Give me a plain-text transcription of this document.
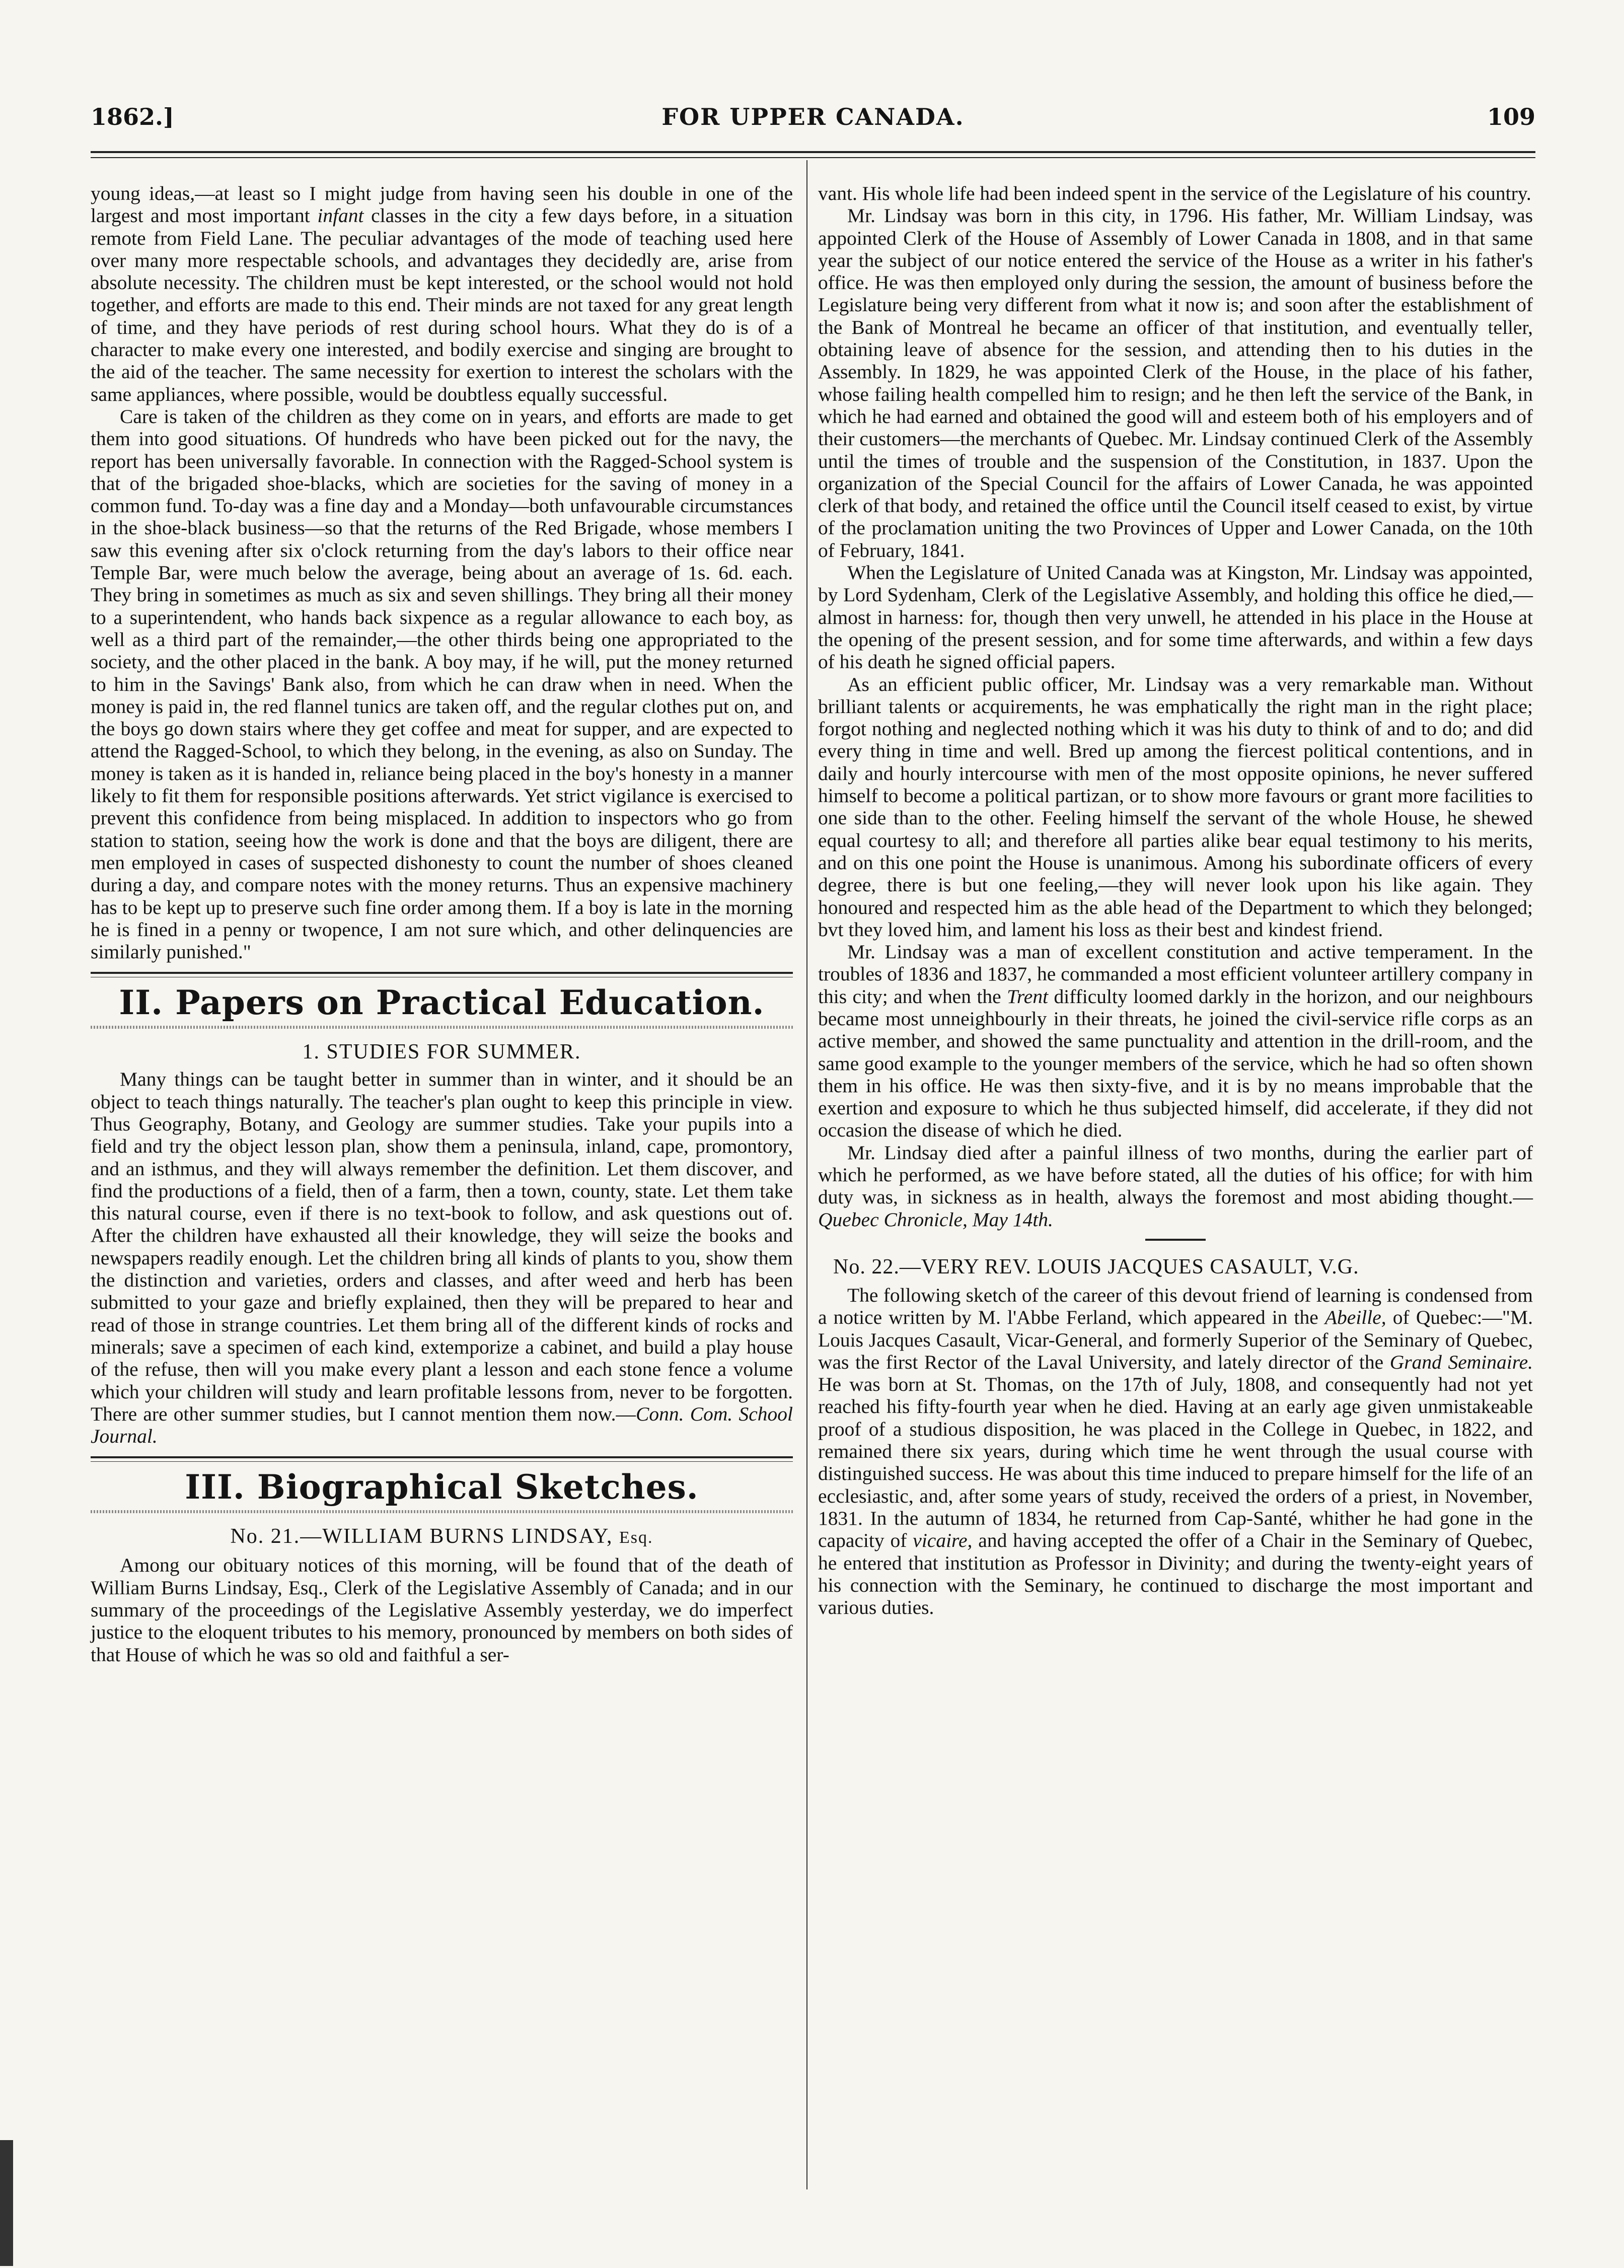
1862.]	FOR UPPER CANADA.	109

young ideas,—at least so I might judge from having seen his double in one of the largest and most important infant classes in the city a few days before, in a situation remote from Field Lane. The peculiar advantages of the mode of teaching used here over many more respectable schools, and advantages they decidedly are, arise from absolute necessity. The children must be kept interested, or the school would not hold together, and efforts are made to this end. Their minds are not taxed for any great length of time, and they have periods of rest during school hours. What they do is of a character to make every one interested, and bodily exercise and singing are brought to the aid of the teacher. The same necessity for exertion to interest the scholars with the same appliances, where possible, would be doubtless equally successful.

Care is taken of the children as they come on in years, and efforts are made to get them into good situations. Of hundreds who have been picked out for the navy, the report has been universally favorable. In connection with the Ragged-School system is that of the brigaded shoe-blacks, which are societies for the saving of money in a common fund. To-day was a fine day and a Monday—both unfavourable circumstances in the shoe-black business—so that the returns of the Red Brigade, whose members I saw this evening after six o'clock returning from the day's labors to their office near Temple Bar, were much below the average, being about an average of 1s. 6d. each. They bring in sometimes as much as six and seven shillings. They bring all their money to a superintendent, who hands back sixpence as a regular allowance to each boy, as well as a third part of the remainder,—the other thirds being one appropriated to the society, and the other placed in the bank. A boy may, if he will, put the money returned to him in the Savings' Bank also, from which he can draw when in need. When the money is paid in, the red flannel tunics are taken off, and the regular clothes put on, and the boys go down stairs where they get coffee and meat for supper, and are expected to attend the Ragged-School, to which they belong, in the evening, as also on Sunday. The money is taken as it is handed in, reliance being placed in the boy's honesty in a manner likely to fit them for responsible positions afterwards. Yet strict vigilance is exercised to prevent this confidence from being misplaced. In addition to inspectors who go from station to station, seeing how the work is done and that the boys are diligent, there are men employed in cases of suspected dishonesty to count the number of shoes cleaned during a day, and compare notes with the money returns. Thus an expensive machinery has to be kept up to preserve such fine order among them. If a boy is late in the morning he is fined in a penny or twopence, I am not sure which, and other delinquencies are similarly punished."

II. Papers on Practical Education.
1. STUDIES FOR SUMMER.

Many things can be taught better in summer than in winter, and it should be an object to teach things naturally. The teacher's plan ought to keep this principle in view. Thus Geography, Botany, and Geology are summer studies. Take your pupils into a field and try the object lesson plan, show them a peninsula, inland, cape, promontory, and an isthmus, and they will always remember the definition. Let them discover, and find the productions of a field, then of a farm, then a town, county, state. Let them take this natural course, even if there is no text-book to follow, and ask questions out of. After the children have exhausted all their knowledge, they will seize the books and newspapers readily enough. Let the children bring all kinds of plants to you, show them the distinction and varieties, orders and classes, and after weed and herb has been submitted to your gaze and briefly explained, then they will be prepared to hear and read of those in strange countries. Let them bring all of the different kinds of rocks and minerals; save a specimen of each kind, extemporize a cabinet, and build a play house of the refuse, then will you make every plant a lesson and each stone fence a volume which your children will study and learn profitable lessons from, never to be forgotten. There are other summer studies, but I cannot mention them now.—Conn. Com. School Journal.

III. Biographical Sketches.
No. 21.—WILLIAM BURNS LINDSAY, Esq.

Among our obituary notices of this morning, will be found that of the death of William Burns Lindsay, Esq., Clerk of the Legislative Assembly of Canada; and in our summary of the proceedings of the Legislative Assembly yesterday, we do imperfect justice to the eloquent tributes to his memory, pronounced by members on both sides of that House of which he was so old and faithful a ser-

vant. His whole life had been indeed spent in the service of the Legislature of his country.

Mr. Lindsay was born in this city, in 1796. His father, Mr. William Lindsay, was appointed Clerk of the House of Assembly of Lower Canada in 1808, and in that same year the subject of our notice entered the service of the House as a writer in his father's office. He was then employed only during the session, the amount of business before the Legislature being very different from what it now is; and soon after the establishment of the Bank of Montreal he became an officer of that institution, and eventually teller, obtaining leave of absence for the session, and attending then to his duties in the Assembly. In 1829, he was appointed Clerk of the House, in the place of his father, whose failing health compelled him to resign; and he then left the service of the Bank, in which he had earned and obtained the good will and esteem both of his employers and of their customers—the merchants of Quebec. Mr. Lindsay continued Clerk of the Assembly until the times of trouble and the suspension of the Constitution, in 1837. Upon the organization of the Special Council for the affairs of Lower Canada, he was appointed clerk of that body, and retained the office until the Council itself ceased to exist, by virtue of the proclamation uniting the two Provinces of Upper and Lower Canada, on the 10th of February, 1841.

When the Legislature of United Canada was at Kingston, Mr. Lindsay was appointed, by Lord Sydenham, Clerk of the Legislative Assembly, and holding this office he died,—almost in harness: for, though then very unwell, he attended in his place in the House at the opening of the present session, and for some time afterwards, and within a few days of his death he signed official papers.

As an efficient public officer, Mr. Lindsay was a very remarkable man. Without brilliant talents or acquirements, he was emphatically the right man in the right place; forgot nothing and neglected nothing which it was his duty to think of and to do; and did every thing in time and well. Bred up among the fiercest political contentions, and in daily and hourly intercourse with men of the most opposite opinions, he never suffered himself to become a political partizan, or to show more favours or grant more facilities to one side than to the other. Feeling himself the servant of the whole House, he shewed equal courtesy to all; and therefore all parties alike bear equal testimony to his merits, and on this one point the House is unanimous. Among his subordinate officers of every degree, there is but one feeling,—they will never look upon his like again. They honoured and respected him as the able head of the Department to which they belonged; bvt they loved him, and lament his loss as their best and kindest friend.

Mr. Lindsay was a man of excellent constitution and active temperament. In the troubles of 1836 and 1837, he commanded a most efficient volunteer artillery company in this city; and when the Trent difficulty loomed darkly in the horizon, and our neighbours became most unneighbourly in their threats, he joined the civil-service rifle corps as an active member, and showed the same punctuality and attention in the drill-room, and the same good example to the younger members of the service, which he had so often shown them in his office. He was then sixty-five, and it is by no means improbable that the exertion and exposure to which he thus subjected himself, did accelerate, if they did not occasion the disease of which he died.

Mr. Lindsay died after a painful illness of two months, during the earlier part of which he performed, as we have before stated, all the duties of his office; for with him duty was, in sickness as in health, always the foremost and most abiding thought.—Quebec Chronicle, May 14th.

No. 22.—VERY REV. LOUIS JACQUES CASAULT, V.G.

The following sketch of the career of this devout friend of learning is condensed from a notice written by M. l'Abbe Ferland, which appeared in the Abeille, of Quebec:—"M. Louis Jacques Casault, Vicar-General, and formerly Superior of the Seminary of Quebec, was the first Rector of the Laval University, and lately director of the Grand Seminaire. He was born at St. Thomas, on the 17th of July, 1808, and consequently had not yet reached his fifty-fourth year when he died. Having at an early age given unmistakeable proof of a studious disposition, he was placed in the College in Quebec, in 1822, and remained there six years, during which time he went through the usual course with distinguished success. He was about this time induced to prepare himself for the life of an ecclesiastic, and, after some years of study, received the orders of a priest, in November, 1831. In the autumn of 1834, he returned from Cap-Santé, whither he had gone in the capacity of vicaire, and having accepted the offer of a Chair in the Seminary of Quebec, he entered that institution as Professor in Divinity; and during the twenty-eight years of his connection with the Seminary, he continued to discharge the most important and various duties.
